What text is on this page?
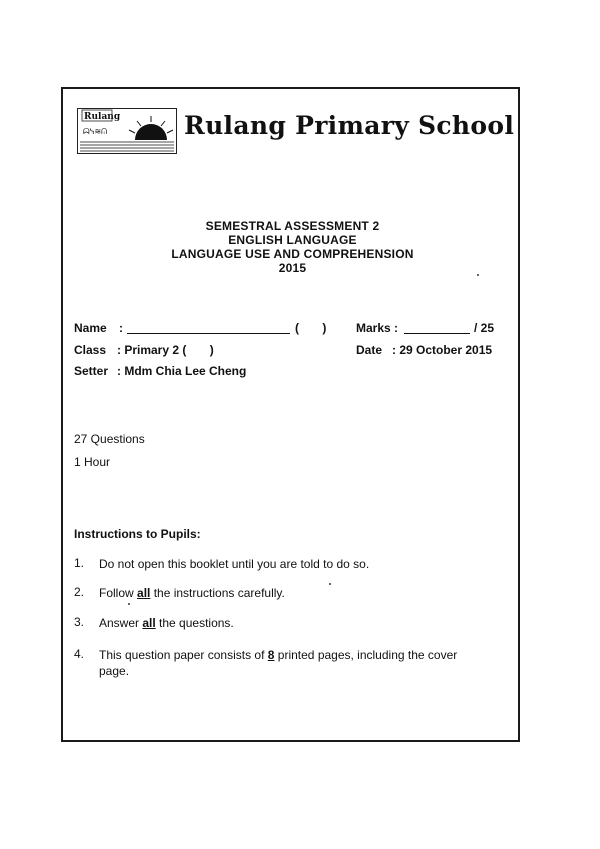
Rulang
ᗣᓭ≋ᕬ	Rulang Primary School
SEMESTRAL ASSESSMENT 2
ENGLISH LANGUAGE
LANGUAGE USE AND COMPREHENSION
2015
Name :	(       ) Marks :	/ 25
Class : Primary 2 (       )	Date : 29 October 2015
Setter : Mdm Chia Lee Cheng
27 Questions
1 Hour
Instructions to Pupils:
1. Do not open this booklet until you are told to do so.
2. Follow all the instructions carefully.
3. Answer all the questions.
4. This question paper consists of 8 printed pages, including the cover page.
